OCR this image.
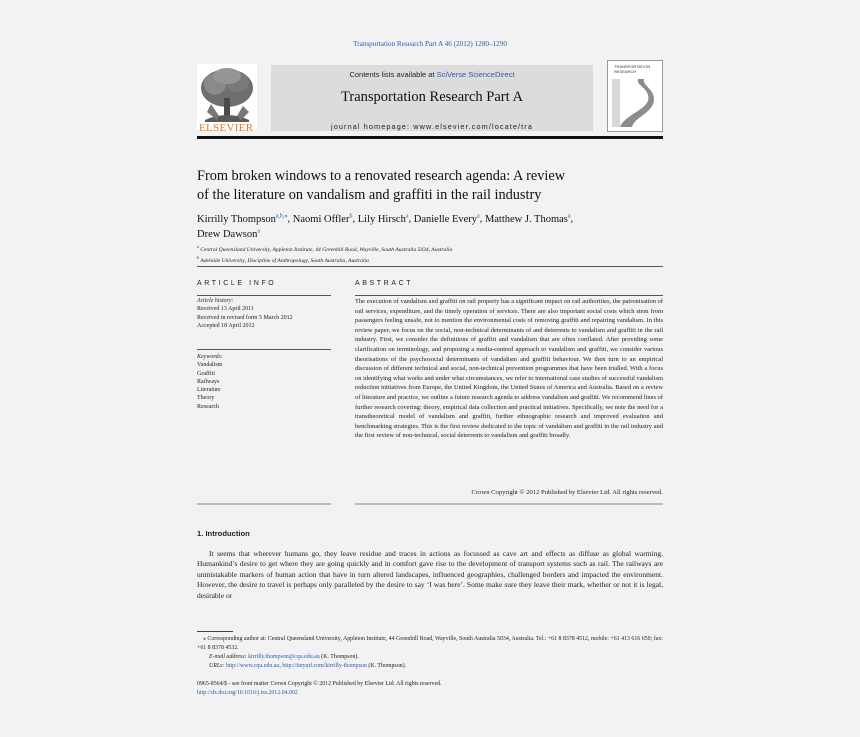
Transportation Research Part A 46 (2012) 1280–1290
ELSEVIER
Contents lists available at SciVerse ScienceDirect
Transportation Research Part A
journal homepage: www.elsevier.com/locate/tra
TRANSPORTATION RESEARCH
From broken windows to a renovated research agenda: A review
of the literature on vandalism and graffiti in the rail industry
Kirrilly Thompson$^{a,b,⁎}$, Naomi Offler$^b$, Lily Hirsch$^a$, Danielle Every$^a$, Matthew J. Thomas$^a$,
Drew Dawson$^a$
$^a$ Central Queensland University, Appleton Institute, 44 Greenhill Road, Wayville, South Australia 5034, Australia
$^b$ Adelaide University, Discipline of Anthropology, South Australia, Australia
ARTICLE INFO	ABSTRACT
Article history:
Received 13 April 2011
Received in revised form 5 March 2012
Accepted 18 April 2012
Keywords:
Vandalism
Graffiti
Railways
Literature
Theory
Research
The execution of vandalism and graffiti on rail property has a significant impact on rail authorities, the patronisation of rail services, expenditure, and the timely operation of services. There are also important social costs which stem from passengers feeling unsafe, not to mention the environmental costs of removing graffiti and repairing vandalism. In this review paper, we focus on the social, non-technical determinants of and deterrents to vandalism and graffiti in the rail industry. First, we consider the definitions of graffiti and vandalism that are often conflated. After providing some clarification on terminology, and proposing a media-centred approach to vandalism and graffiti, we consider various theorisations of the psychosocial determinants of vandalism and graffiti behaviour. We then turn to an empirical discussion of different technical and social, non-technical prevention programmes that have been trialled. With a focus on identifying what works and under what circumstances, we refer to international case studies of successful vandalism reduction initiatives from Europe, the United Kingdom, the United States of America and Australia. Based on a review of literature and practice, we outline a future research agenda to address vandalism and graffiti. We recommend lines of further research covering: theory, empirical data collection and practical initiatives. Specifically, we note the need for a transtheoretical model of vandalism and graffiti, further ethnographic research and improved evaluation and benchmarking strategies. This is the first review dedicated to the topic of vandalism and graffiti in the rail industry and the first review of non-technical, social deterrents to vandalism and graffiti broadly.
Crown Copyright © 2012 Published by Elsevier Ltd. All rights reserved.
1. Introduction
It seems that wherever humans go, they leave residue and traces in actions as focussed as cave art and effects as diffuse as global warming. Humankind’s desire to get where they are going quickly and in comfort gave rise to the development of transport systems such as rail. The railways are unmistakable markers of human action that have in turn altered landscapes, influenced geographies, challenged borders and impacted the environment. However, the desire to travel is perhaps only paralleled by the desire to say ‘I was here’. Some make sure they leave their mark, whether or not it is legal, desirable or
⁎ Corresponding author at: Central Queensland University, Appleton Institute, 44 Greenhill Road, Wayville, South Australia 5034, Australia. Tel.: +61 8 8378 4512, mobile: +61 413 616 650; fax: +61 8 8378 4532.
E-mail address: kirrilly.thompson@cqu.edu.au (K. Thompson).
URLs: http://www.cqu.edu.au, http://tinyurl.com/kirrilly-thompson (K. Thompson).
0965-8564/$ - see front matter Crown Copyright © 2012 Published by Elsevier Ltd. All rights reserved.
http://dx.doi.org/10.1016/j.tra.2012.04.002
